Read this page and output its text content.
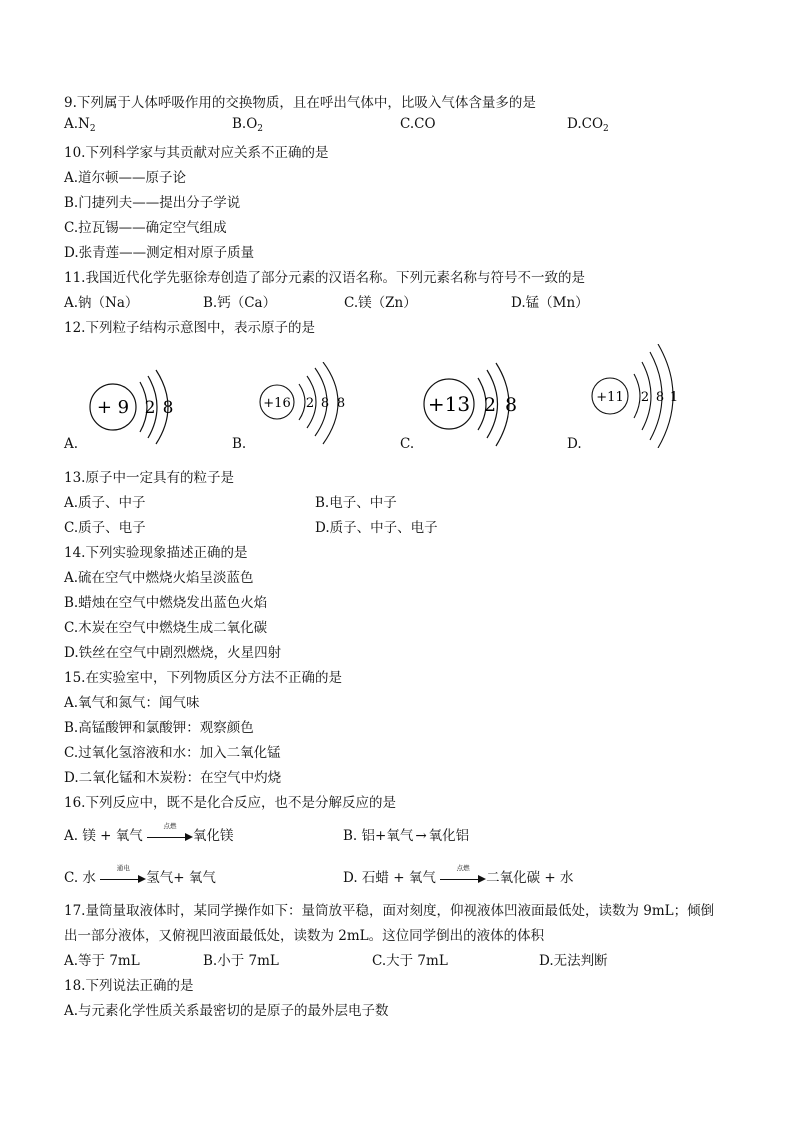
9.下列属于人体呼吸作用的交换物质，且在呼出气体中，比吸入气体含量多的是
$A.N_2$	$B.O_2$	C.CO	$D.CO_2$
10.下列科学家与其贡献对应关系不正确的是
A.道尔顿——原子论
B.门捷列夫——提出分子学说
C.拉瓦锡——确定空气组成
D.张青莲——测定相对原子质量
11.我国近代化学先驱徐寿创造了部分元素的汉语名称。下列元素名称与符号不一致的是
A.钠（Na）	B.钙（Ca）	C.镁（Zn）	D.锰（Mn）
12.下列粒子结构示意图中，表示原子的是
A.
+ 9 2 8
B.
+16 2 8 8
C.
+13 2 8
D.
+11 2 8 1
13.原子中一定具有的粒子是
A.质子、中子	B.电子、中子
C.质子、电子	D.质子、中子、电子
14.下列实验现象描述正确的是
A.硫在空气中燃烧火焰呈淡蓝色
B.蜡烛在空气中燃烧发出蓝色火焰
C.木炭在空气中燃烧生成二氧化碳
D.铁丝在空气中剧烈燃烧，火星四射
15.在实验室中，下列物质区分方法不正确的是
A.氧气和氮气：闻气味
B.高锰酸钾和氯酸钾：观察颜色
C.过氧化氢溶液和水：加入二氧化锰
D.二氧化锰和木炭粉：在空气中灼烧
16.下列反应中，既不是化合反应，也不是分解反应的是
A. 镁 + 氧气
点燃
氧化镁	B. 铝+氧气 → 氧化铝
C. 水
通电
氢气+ 氧气	D. 石蜡 + 氧气
点燃
二氧化碳 + 水
17.量筒量取液体时，某同学操作如下：量筒放平稳，面对刻度，仰视液体凹液面最低处，读数为 9mL；倾倒
出一部分液体，又俯视凹液面最低处，读数为 2mL。这位同学倒出的液体的体积
A.等于 7mL	B.小于 7mL	C.大于 7mL	D.无法判断
18.下列说法正确的是
A.与元素化学性质关系最密切的是原子的最外层电子数
